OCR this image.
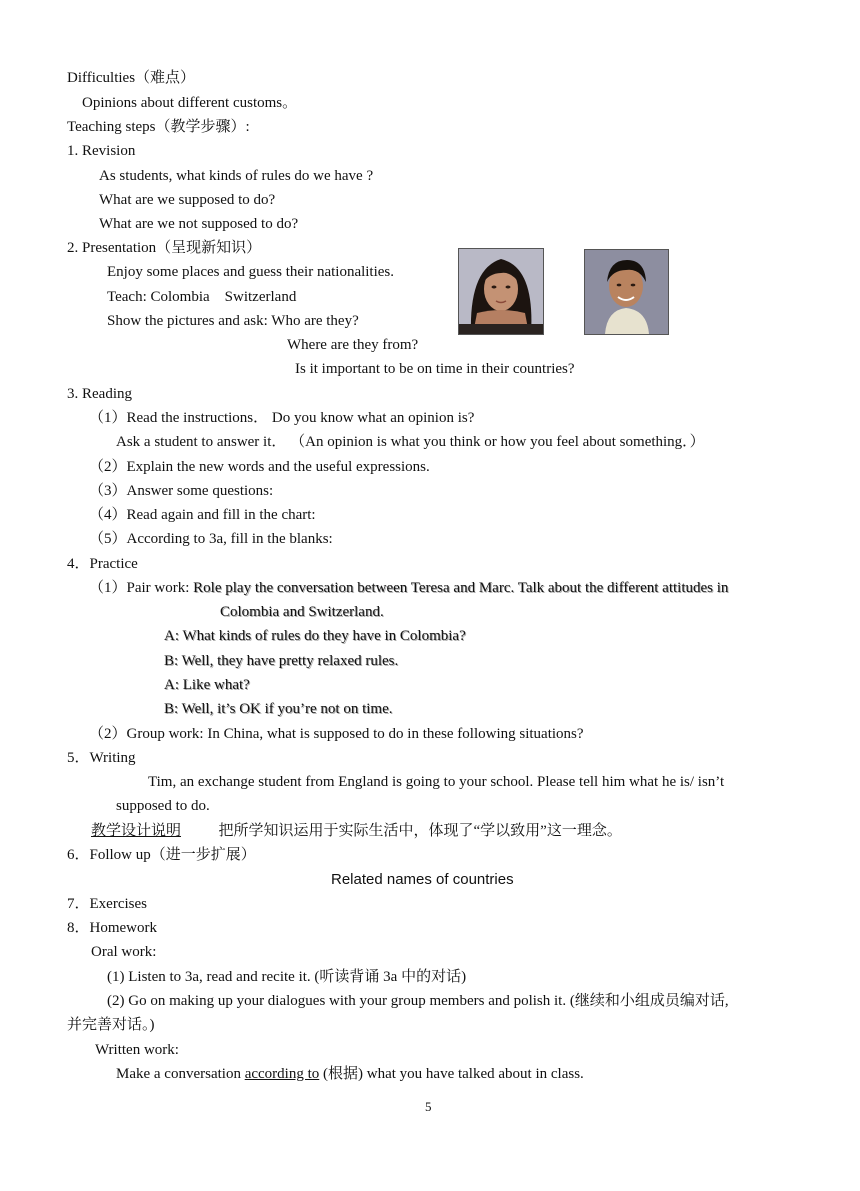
Difficulties（难点）
Opinions about different customs。
Teaching steps（教学步骤）:
1. Revision
As students, what kinds of rules do we have ?
What are we supposed to do?
What are we not supposed to do?
2. Presentation（呈现新知识）
Enjoy some places and guess their nationalities.
Teach: Colombia    Switzerland
Show the pictures and ask: Who are they?
Where are they from?
Is it important to be on time in their countries?
3. Reading
（1）Read the instructions． Do you know what an opinion is?
Ask a student to answer it． （An opinion is what you think or how you feel about something．）
（2）Explain the new words and the useful expressions.
（3）Answer some questions:
（4）Read again and fill in the chart:
（5）According to 3a, fill in the blanks:
4．Practice
（1）Pair work: Role play the conversation between Teresa and Marc. Talk about the different attitudes in
Colombia and Switzerland.
A: What kinds of rules do they have in Colombia?
B: Well, they have pretty relaxed rules.
A: Like what?
B: Well, it’s OK if you’re not on time.
（2）Group work: In China, what is supposed to do in these following situations?
5．Writing
Tim, an exchange student from England is going to your school. Please tell him what he is/ isn’t
supposed to do.
教学设计说明	把所学知识运用于实际生活中，体现了“学以致用”这一理念。
6．Follow up（进一步扩展）
Related names of countries
7．Exercises
8．Homework
Oral work:
(1) Listen to 3a, read and recite it. (听读背诵 3a 中的对话)
(2) Go on making up your dialogues with your group members and polish it. (继续和小组成员编对话,
并完善对话。)
Written work:
Make a conversation according to (根据) what you have talked about in class.
5
